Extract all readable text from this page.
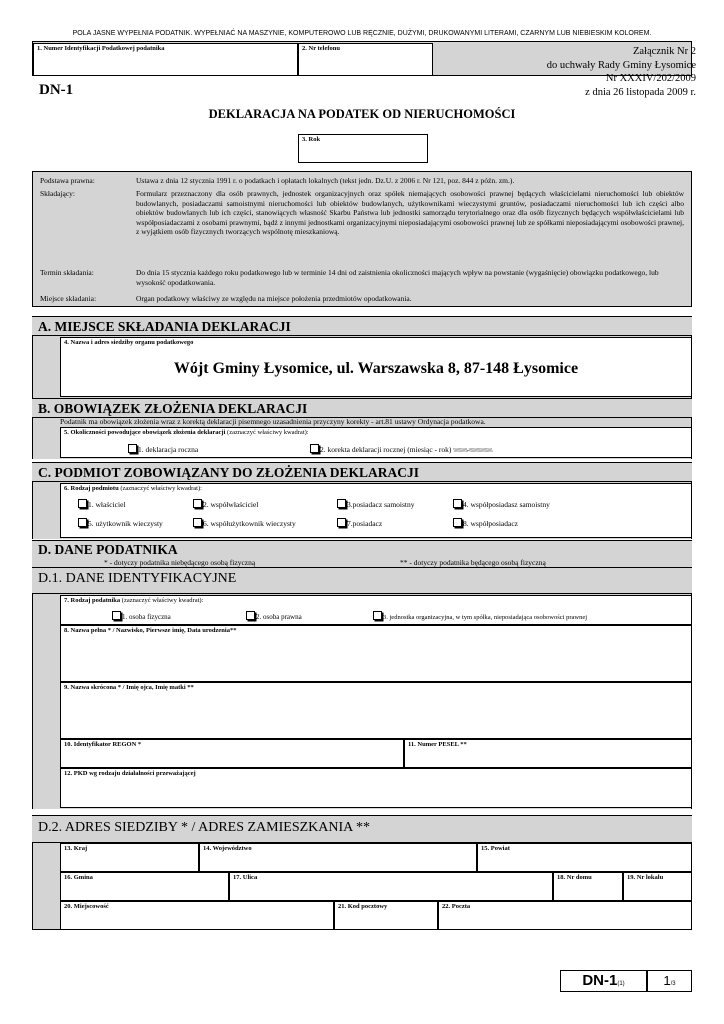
POLA JASNE WYPEŁNIA PODATNIK. WYPEŁNIAĆ NA MASZYNIE, KOMPUTEROWO LUB RĘCZNIE, DUŻYMI, DRUKOWANYMI LITERAMI, CZARNYM LUB NIEBIESKIM KOLOREM.
1. Numer Identyfikacji Podatkowej podatnika	2. Nr telefonu
DN-1
Załącznik Nr 2
do uchwały Rady Gminy Łysomice
Nr XXXIV/202/2009
z dnia 26 listopada 2009 r.
DEKLARACJA NA PODATEK OD NIERUCHOMOŚCI
3. Rok
Podstawa prawna:	Ustawa z dnia 12 stycznia 1991 r. o podatkach i opłatach lokalnych (tekst jedn. Dz.U. z 2006 r. Nr 121, poz. 844 z późn. zm.).
Składający:	Formularz przeznaczony dla osób prawnych, jednostek organizacyjnych oraz spółek niemających osobowości prawnej będących właścicielami nieruchomości lub obiektów budowlanych, posiadaczami samoistnymi nieruchomości lub obiektów budowlanych, użytkownikami wieczystymi gruntów, posiadaczami nieruchomości lub ich części albo obiektów budowlanych lub ich części, stanowiących własność Skarbu Państwa lub jednostki samorządu terytorialnego oraz dla osób fizycznych będących współwłaścicielami lub współposiadaczami z osobami prawnymi, bądź z innymi jednostkami organizacyjnymi nieposiadającymi osobowości prawnej lub ze spółkami nieposiadającymi osobowości prawnej, z wyjątkiem osób fizycznych tworzących wspólnotę mieszkaniową.
Termin składania:	Do dnia 15 stycznia każdego roku podatkowego lub w terminie 14 dni od zaistnienia okoliczności mających wpływ na powstanie (wygaśnięcie) obowiązku podatkowego, lub wysokość opodatkowania.
Miejsce składania:	Organ podatkowy właściwy ze względu na miejsce położenia przedmiotów opodatkowania.
A. MIEJSCE SKŁADANIA DEKLARACJI
4. Nazwa i adres siedziby organu podatkowego
Wójt Gminy Łysomice, ul. Warszawska 8, 87-148 Łysomice
B. OBOWIĄZEK ZŁOŻENIA DEKLARACJI
Podatnik ma obowiązek złożenia wraz z korektą deklaracji pisemnego uzasadnienia przyczyny korekty - art.81 ustawy Ordynacja podatkowa.
5. Okoliczności powodujące obowiązek złożenia deklaracji (zaznaczyć właściwy kwadrat):
1. deklaracja roczna	2. korekta deklaracji rocznej (miesiąc - rok) \\\\\\\\\\\\-\\\\\\\\\\\\\\\\\\\\
C. PODMIOT ZOBOWIĄZANY DO ZŁOŻENIA DEKLARACJI
6. Rodzaj podmiotu (zaznaczyć właściwy kwadrat):
1. właściciel	2. współwłaściciel	3.posiadacz samoistny	4. współposiadasz samoistny
5. użytkownik wieczysty	6. współużytkownik wieczysty	7.posiadacz	8. współposiadacz
D. DANE PODATNIKA
* - dotyczy podatnika niebędącego osobą fizyczną	** - dotyczy podatnika będącego osobą fizyczną
D.1. DANE IDENTYFIKACYJNE
7. Rodzaj podatnika (zaznaczyć właściwy kwadrat):
1. osoba fizyczna	2. osoba prawna	3. jednostka organizacyjna, w tym spółka, nieposiadająca osobowości prawnej
8. Nazwa pełna * / Nazwisko, Pierwsze imię, Data urodzenia**
9. Nazwa skrócona * / Imię ojca, Imię matki **
10. Identyfikator REGON *	11. Numer PESEL **
12. PKD wg rodzaju działalności przeważającej
D.2. ADRES SIEDZIBY * / ADRES ZAMIESZKANIA **
13. Kraj	14. Województwo	15. Powiat
16. Gmina	17. Ulica	18. Nr domu	19. Nr lokalu
20. Miejscowość	21. Kod pocztowy	22. Poczta
DN-1(1)	1/3
